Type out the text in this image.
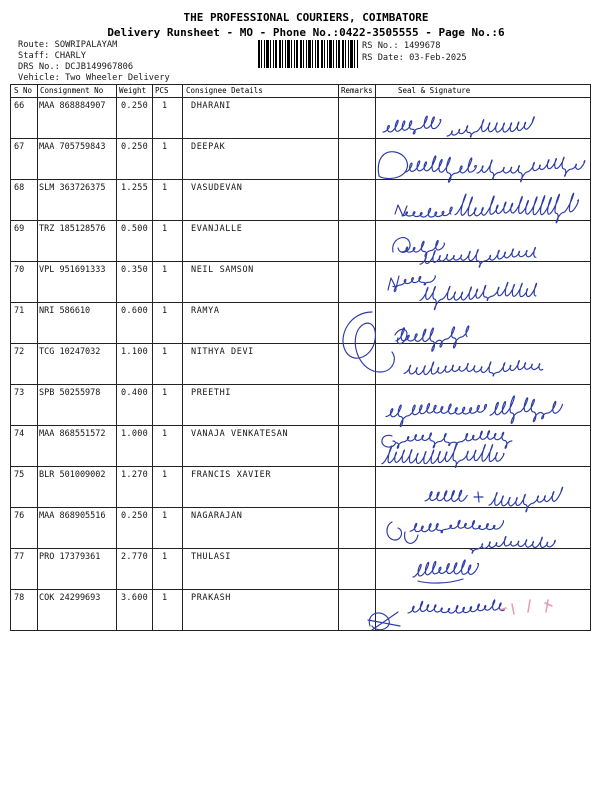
THE PROFESSIONAL COURIERS, COIMBATORE
Delivery Runsheet - MO - Phone No.:0422-3505555 - Page No.:6
Route: SOWRIPALAYAM
Staff: CHARLY
DRS No.: DCJB149967806
Vehicle: Two Wheeler Delivery
RS No.: 1499678
RS Date: 03-Feb-2025
S No	Consignment No	Weight	PCS	Consignee Details	Remarks	Seal & Signature
66	MAA 868884907	0.250	1	DHARANI		
67	MAA 705759843	0.250	1	DEEPAK		
68	SLM 363726375	1.255	1	VASUDEVAN		
69	TRZ 185128576	0.500	1	EVANJALLE		
70	VPL 951691333	0.350	1	NEIL SAMSON		
71	NRI 586610	0.600	1	RAMYA		
72	TCG 10247032	1.100	1	NITHYA DEVI		
73	SPB 50255978	0.400	1	PREETHI		
74	MAA 868551572	1.000	1	VANAJA VENKATESAN		
75	BLR 501009002	1.270	1	FRANCIS XAVIER		
76	MAA 868905516	0.250	1	NAGARAJAN		
77	PRO 17379361	2.770	1	THULASI		
78	COK 24299693	3.600	1	PRAKASH		
